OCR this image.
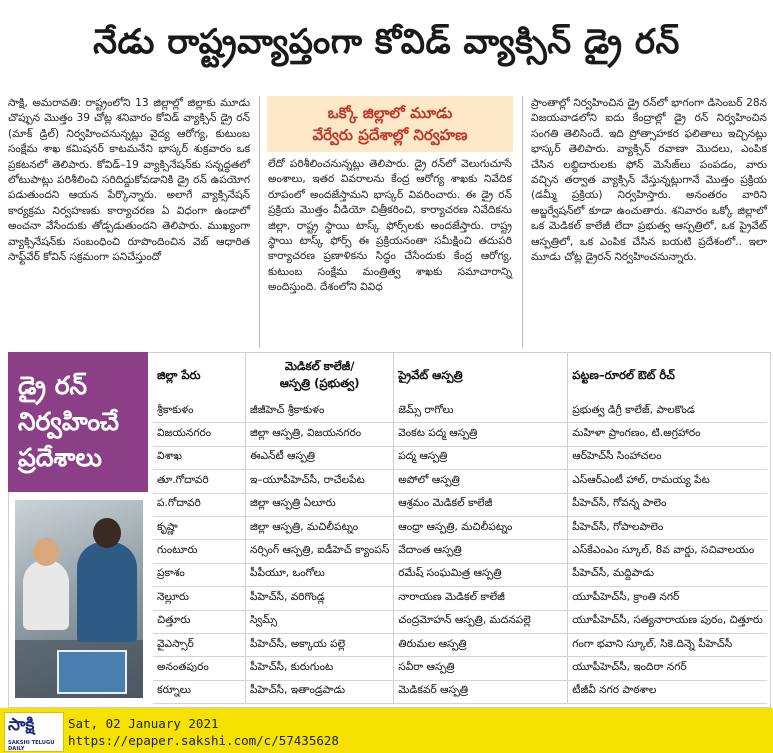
నేడు రాష్ట్రవ్యాప్తంగా కోవిడ్ వ్యాక్సిన్ డ్రై రన్

సాక్షి, అమరావతి: రాష్ట్రంలోని 13 జిల్లాల్లో జిల్లాకు మూడు చొప్పున మొత్తం 39 చోట్ల శనివారం కోవిడ్ వ్యాక్సిన్ డ్రై రన్ (మాక్ డ్రిల్) నిర్వహించనున్నట్లు వైద్య ఆరోగ్య, కుటుంబ సంక్షేమ శాఖ కమిషనర్ కాటమనేని భాస్కర్ శుక్రవారం ఒక ప్రకటనలో తెలిపారు. కోవిడ్–19 వ్యాక్సినేషన్‌కు సన్నద్ధతలో లోటుపాట్లు పరిశీలించి సరిదిద్దుకోవడానికి డ్రై రన్ ఉపయోగ పడుతుందని ఆయన పేర్కొన్నారు. అలాగే వ్యాక్సినేషన్ కార్యక్రమ నిర్వహణకు కార్యాచరణ ఏ విధంగా ఉండాలో అంచనా వేసేందుకు తోడ్పడుతుందని తెలిపారు. ముఖ్యంగా వ్యాక్సినేషన్‌కు సంబంధించి రూపొందించిన వెబ్ ఆధారిత సాఫ్ట్‌వేర్ కోవిన్ సక్రమంగా పనిచేస్తుందో

ఒక్కో జిల్లాలో మూడు
వేర్వేరు ప్రదేశాల్లో నిర్వహణ

లేదో పరిశీలించనున్నట్లు తెలిపారు. డ్రై రన్‌లో వెలుగుచూసే అంశాలు, ఇతర వివరాలను కేంద్ర ఆరోగ్య శాఖకు నివేదిక రూపంలో అందజేస్తామని భాస్కర్ వివరించారు. ఈ డ్రై రన్ ప్రక్రియ మొత్తం వీడియో చిత్రీకరించి, కార్యాచరణ నివేదికను జిల్లా, రాష్ట్ర స్థాయి టాస్క్ ఫోర్స్‌లకు అందజేస్తారు. రాష్ట్ర స్థాయి టాస్క్ ఫోర్స్ ఈ ప్రక్రియనంతా సమీక్షించి తదుపరి కార్యాచరణ ప్రణాళికను సిద్ధం చేసేందుకు కేంద్ర ఆరోగ్య, కుటుంబ సంక్షేమ మంత్రిత్వ శాఖకు సమాచారాన్ని అందిస్తుంది. దేశంలోని వివిధ

ప్రాంతాల్లో నిర్వహించిన డ్రై రన్‌లో భాగంగా డిసెంబర్ 28న విజయవాడలోని ఐదు కేంద్రాల్లో డ్రై రన్ నిర్వహించిన సంగతి తెలిసిందే. ఇది ప్రోత్సాహకర ఫలితాలు ఇచ్చినట్లు భాస్కర్ తెలిపారు. వ్యాక్సిన్ రవాణా మొదలు, ఎంపిక చేసిన లబ్ధిదారులకు ఫోన్ మెసేజ్‌లు పంపడం, వారు వచ్చిన తర్వాత వ్యాక్సిన్ వేస్తున్నట్లుగానే మొత్తం ప్రక్రియ (డమ్మీ ప్రక్రియ) నిర్వహిస్తారు. అనంతరం వారిని అబ్జర్వేషన్‌లో కూడా ఉంచుతారు. శనివారం ఒక్కో జిల్లాలో ఒక మెడికల్ కాలేజీ లేదా ప్రభుత్వ ఆస్పత్రిలో, ఒక ప్రైవేట్ ఆస్పత్రిలో, ఒక ఎంపిక చేసిన బయటి ప్రదేశంలో.. ఇలా మూడు చోట్ల డ్రైరన్ నిర్వహించనున్నారు.

డ్రై రన్
నిర్వహించే
ప్రదేశాలు
జిల్లా పేరు	మెడికల్ కాలేజీ/
ఆస్పత్రి (ప్రభుత్వ)	ప్రైవేట్ ఆస్పత్రి	పట్టణ–రూరల్ ఔట్ రీచ్
శ్రీకాకుళం	జీజీహెచ్ శ్రీకాకుళం	జెమ్స్ రాగోలు	ప్రభుత్వ డిగ్రీ కాలేజ్, పాలకొండ
విజయనగరం	జిల్లా ఆస్పత్రి, విజయనగరం	వెంకట పద్మ ఆస్పత్రి	మహిళా ప్రాంగణం, టి.అగ్రహారం
విశాఖ	ఈఎన్‌టీ ఆస్పత్రి	పద్మ ఆస్పత్రి	ఆర్‌హెచ్‌సీ సింహాచలం
తూ.గోదావరి	ఇ–యూపీహెచ్‌సీ, రాచేలపేట	అపోలో ఆస్పత్రి	ఎస్‌ఆర్‌ఎంటీ హాల్, రామయ్య పేట
ప.గోదావరి	జిల్లా ఆస్పత్రి ఏలూరు	ఆశ్రమం మెడికల్ కాలేజీ	పీహెచ్‌సీ, గోవన్న పాలెం
కృష్ణా	జిల్లా ఆస్పత్రి, మచిలీపట్నం	ఆంధ్రా ఆస్పత్రి, మచిలీపట్నం	పీహెచ్‌సీ, గోపాలపాలెం
గుంటూరు	నర్సింగ్ ఆస్పత్రి, ఐడీహెచ్ క్యాంపస్	వేదాంత ఆస్పత్రి	ఎస్‌కేఎంఎం స్కూల్, 8వ వార్డు, సచివాలయం
ప్రకాశం	పీపీయూ, ఒంగోలు	రమేష్ సంఘమిత్ర ఆస్పత్రి	పీహెచ్‌సీ, మద్దిపాడు
నెల్లూరు	పీహెచ్‌సీ, వరిగొండ్ల	నారాయణ మెడికల్ కాలేజీ	యూపీహెచ్‌సీ, క్రాంతి నగర్
చిత్తూరు	స్విమ్స్	చంద్రమోహన్ ఆస్పత్రి, మదనపల్లె	యూపీహెచ్‌సీ, సత్యనారాయణ పురం, చిత్తూరు
వైఎస్సార్	పీహెచ్‌సీ, అక్కాయ పల్లె	తిరుమల ఆస్పత్రి	గంగా భవాని స్కూల్, సికె.దిన్నె పీహెచ్‌సీ
అనంతపురం	పీహెచ్‌సీ, కురుగుంట	సవీరా ఆస్పత్రి	యూపీహెచ్‌సీ, ఇందిరా నగర్
కర్నూలు	పీహెచ్‌సీ, ఇతాండ్రపాడు	మెడికవర్ ఆస్పత్రి	టీజీవీ నగర పాఠశాల
సాక్షి
SAKSHI TELUGU DAILY
Sat, 02 January 2021
https://epaper.sakshi.com/c/57435628
